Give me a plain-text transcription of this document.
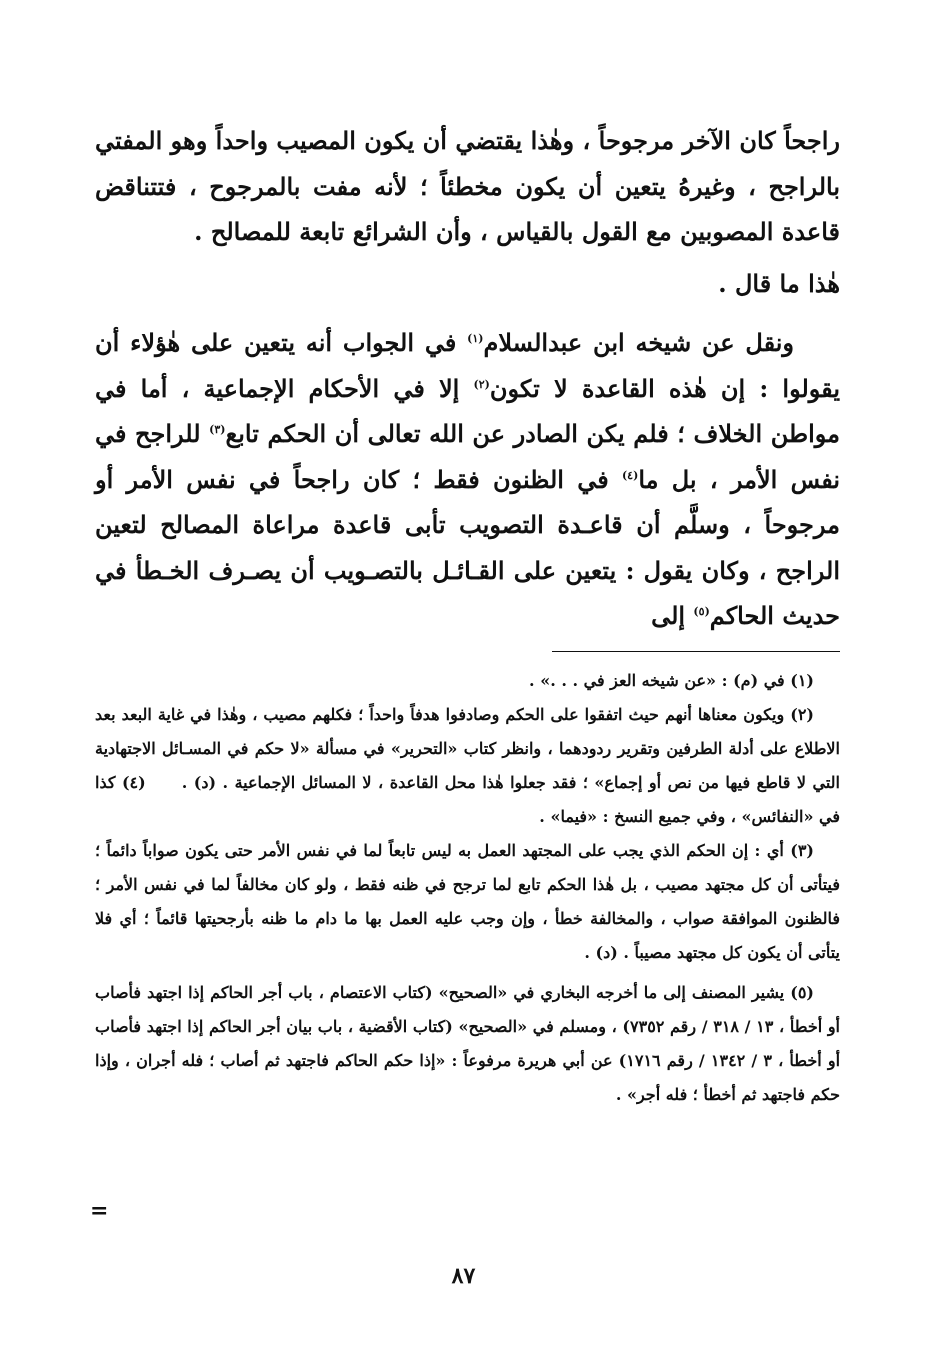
راجحاً كان الآخر مرجوحاً ، وهٰذا يقتضي أن يكون المصيب واحداً وهو المفتي بالراجح ، وغيرهُ يتعين أن يكون مخطئاً ؛ لأنه مفت بالمرجوح ، فتتناقض قاعدة المصوبين مع القول بالقياس ، وأن الشرائع تابعة للمصالح .

هٰذا ما قال .

ونقل عن شيخه ابن عبدالسلام$^{(١)}$ في الجواب أنه يتعين على هٰؤلاء أن يقولوا : إن هٰذه القاعدة لا تكون$^{(٢)}$ إلا في الأحكام الإجماعية ، أما في مواطن الخلاف ؛ فلم يكن الصادر عن الله تعالى أن الحكم تابع$^{(٣)}$ للراجح في نفس الأمر ، بل ما$^{(٤)}$ في الظنون فقط ؛ كان راجحاً في نفس الأمر أو مرجوحاً ، وسلَّم أن قاعـدة التصويب تأبى قاعدة مراعاة المصالح لتعين الراجح ، وكان يقول : يتعين على القـائـل بالتصـويب أن يصـرف الخـطأ في حديث الحاكم$^{(٥)}$ إلى

(١) في (م) : «عن شيخه العز في . . .» .

(٢) ويكون معناها أنهم حيث اتفقوا على الحكم وصادفوا هدفاً واحداً ؛ فكلهم مصيب ، وهٰذا في غاية البعد بعد الاطلاع على أدلة الطرفين وتقرير ردودهما ، وانظر كتاب «التحرير» في مسألة «لا حكم في المسـائل الاجتهادية التي لا قاطع فيها من نص أو إجماع» ؛ فقد جعلوا هٰذا محل القاعدة ، لا المسائل الإجماعية . (د) .(٤) كذا في «النفائس» ، وفي جميع النسخ : «فيما» .

(٣) أي : إن الحكم الذي يجب على المجتهد العمل به ليس تابعاً لما في نفس الأمر حتى يكون صواباً دائماً ؛ فيتأتى أن كل مجتهد مصيب ، بل هٰذا الحكم تابع لما ترجح في ظنه فقط ، ولو كان مخالفاً لما في نفس الأمر ؛ فالظنون الموافقة صواب ، والمخالفة خطأ ، وإن وجب عليه العمل بها ما دام ما ظنه بأرجحيتها قائماً ؛ أي فلا يتأتى أن يكون كل مجتهد مصيباً . (د) .

(٥) يشير المصنف إلى ما أخرجه البخاري في «الصحيح» (كتاب الاعتصام ، باب أجر الحاكم إذا اجتهد فأصاب أو أخطأ ، ١٣ / ٣١٨ / رقم ٧٣٥٢) ، ومسلم في «الصحيح» (كتاب الأقضية ، باب بيان أجر الحاكم إذا اجتهد فأصاب أو أخطأ ، ٣ / ١٣٤٢ / رقم ١٧١٦) عن أبي هريرة مرفوعاً : «إذا حكم الحاكم فاجتهد ثم أصاب ؛ فله أجران ، وإذا حكم فاجتهد ثم أخطأ ؛ فله أجر» .

=
٨٧
